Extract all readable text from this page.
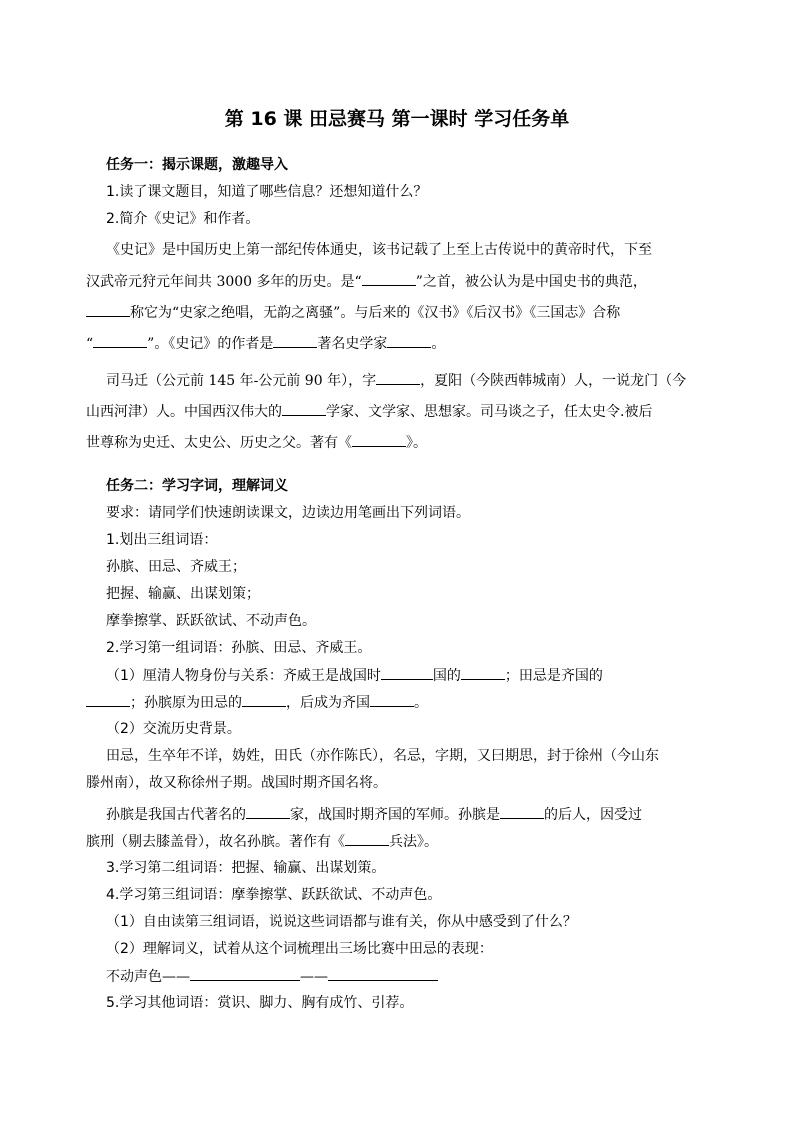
第 16 课 田忌赛马 第一课时 学习任务单
任务一：揭示课题，激趣导入
1.读了课文题目，知道了哪些信息？还想知道什么？
2.简介《史记》和作者。
《史记》是中国历史上第一部纪传体通史，该书记载了上至上古传说中的黄帝时代，下至
汉武帝元狩元年间共 3000 多年的历史。是“	”之首，被公认为是中国史书的典范，
称它为“史家之绝唱，无韵之离骚”。与后来的《汉书》《后汉书》《三国志》合称
“	”。《史记》的作者是	著名史学家	。
司马迁（公元前 145 年-公元前 90 年），字	，夏阳（今陕西韩城南）人，一说龙门（今
山西河津）人。中国西汉伟大的	学家、文学家、思想家。司马谈之子，任太史令.被后
世尊称为史迁、太史公、历史之父。著有《	》。
任务二：学习字词，理解词义
要求：请同学们快速朗读课文，边读边用笔画出下列词语。
1.划出三组词语：
孙膑、田忌、齐威王；
把握、输赢、出谋划策；
摩拳擦掌、跃跃欲试、不动声色。
2.学习第一组词语：孙膑、田忌、齐威王。
（1）厘清人物身份与关系：齐威王是战国时	国的	；田忌是齐国的
；孙膑原为田忌的	，后成为齐国	。
（2）交流历史背景。
田忌，生卒年不详，妫姓，田氏（亦作陈氏），名忌，字期，又曰期思，封于徐州（今山东
滕州南），故又称徐州子期。战国时期齐国名将。
孙膑是我国古代著名的	家，战国时期齐国的军师。孙膑是	的后人，因受过
膑刑（剔去膝盖骨），故名孙膑。著作有《	兵法》。
3.学习第二组词语：把握、输赢、出谋划策。
4.学习第三组词语：摩拳擦掌、跃跃欲试、不动声色。
（1）自由读第三组词语，说说这些词语都与谁有关，你从中感受到了什么？
（2）理解词义，试着从这个词梳理出三场比赛中田忌的表现：
不动声色——	——
5.学习其他词语：赏识、脚力、胸有成竹、引荐。
